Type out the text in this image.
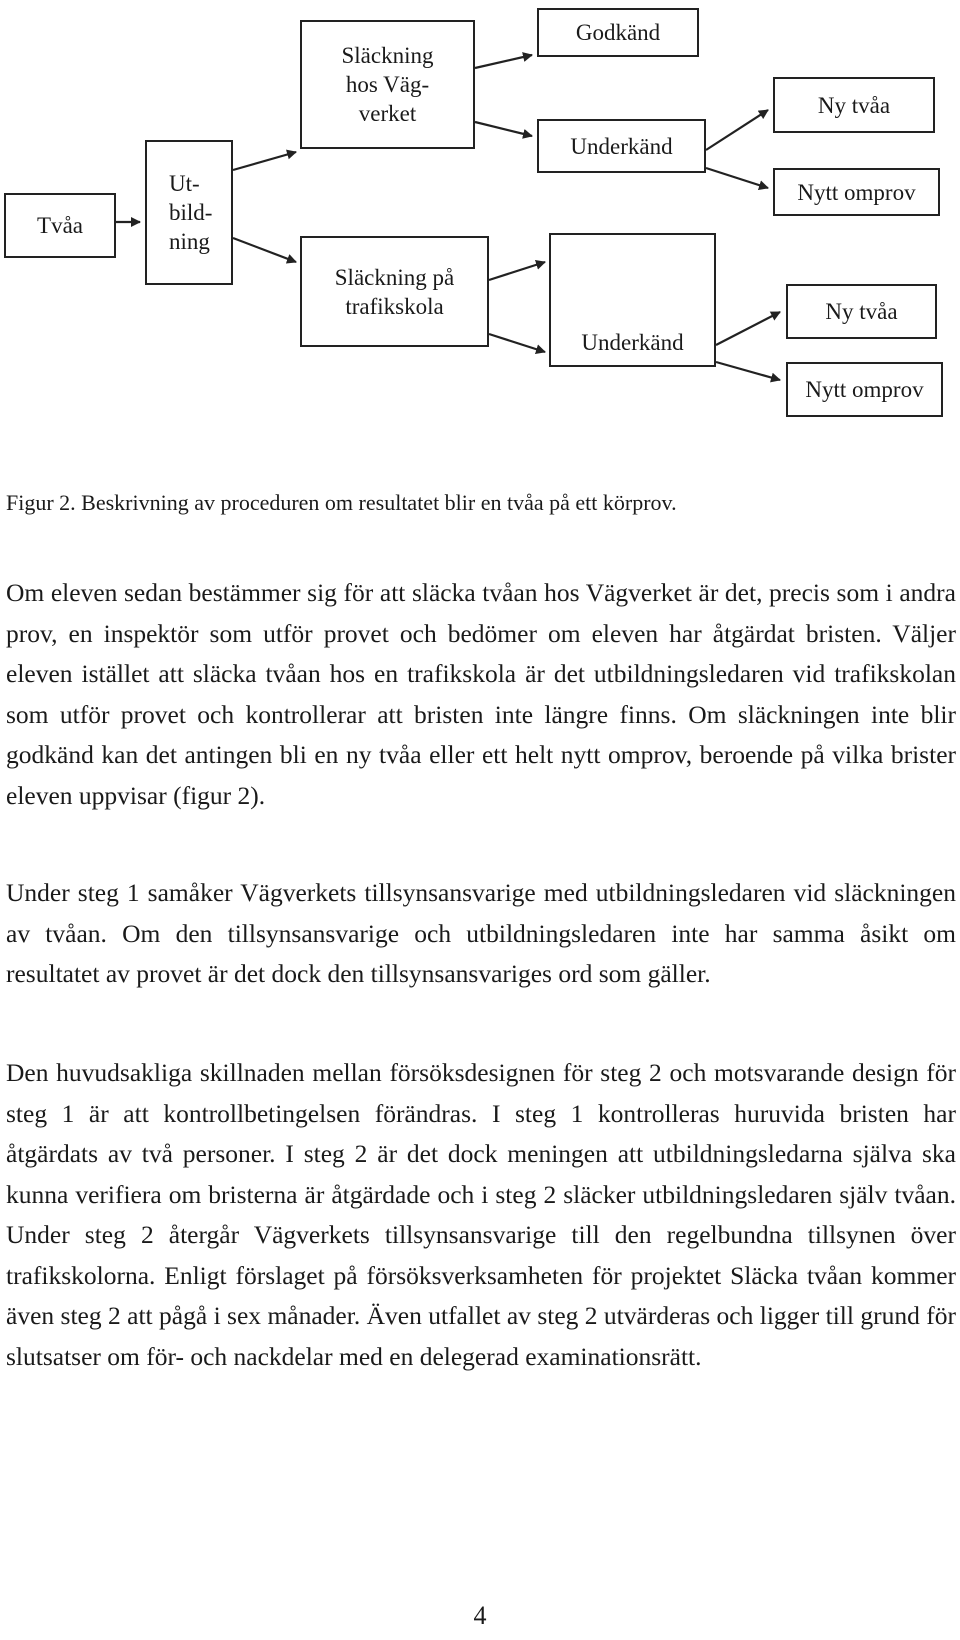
Tvåa
Ut-
bild-
ning
Släckning
hos Väg-
verket
Släckning på
trafikskola
Godkänd
Underkänd
Underkänd
Ny tvåa
Nytt omprov
Ny tvåa
Nytt omprov

Figur 2. Beskrivning av proceduren om resultatet blir en tvåa på ett körprov.

Om eleven sedan bestämmer sig för att släcka tvåan hos Vägverket är det, precis som i andra prov, en inspektör som utför provet och bedömer om eleven har åtgärdat bristen. Väljer eleven istället att släcka tvåan hos en trafikskola är det utbildningsledaren vid trafikskolan som utför provet och kontrollerar att bristen inte längre finns. Om släckningen inte blir godkänd kan det antingen bli en ny tvåa eller ett helt nytt omprov, beroende på vilka brister eleven uppvisar (figur 2).

Under steg 1 samåker Vägverkets tillsynsansvarige med utbildningsledaren vid släckningen av tvåan. Om den tillsynsansvarige och utbildningsledaren inte har samma åsikt om resultatet av provet är det dock den tillsynsansvariges ord som gäller.

Den huvudsakliga skillnaden mellan försöksdesignen för steg 2 och motsvarande design för steg 1 är att kontrollbetingelsen förändras. I steg 1 kontrolleras huruvida bristen har åtgärdats av två personer. I steg 2 är det dock meningen att utbildningsledarna själva ska kunna verifiera om bristerna är åtgärdade och i steg 2 släcker utbildningsledaren själv tvåan. Under steg 2 återgår Vägverkets tillsynsansvarige till den regelbundna tillsynen över trafikskolorna. Enligt förslaget på försöksverksamheten för projektet Släcka tvåan kommer även steg 2 att pågå i sex månader. Även utfallet av steg 2 utvärderas och ligger till grund för slutsatser om för- och nackdelar med en delegerad examinationsrätt.

4
